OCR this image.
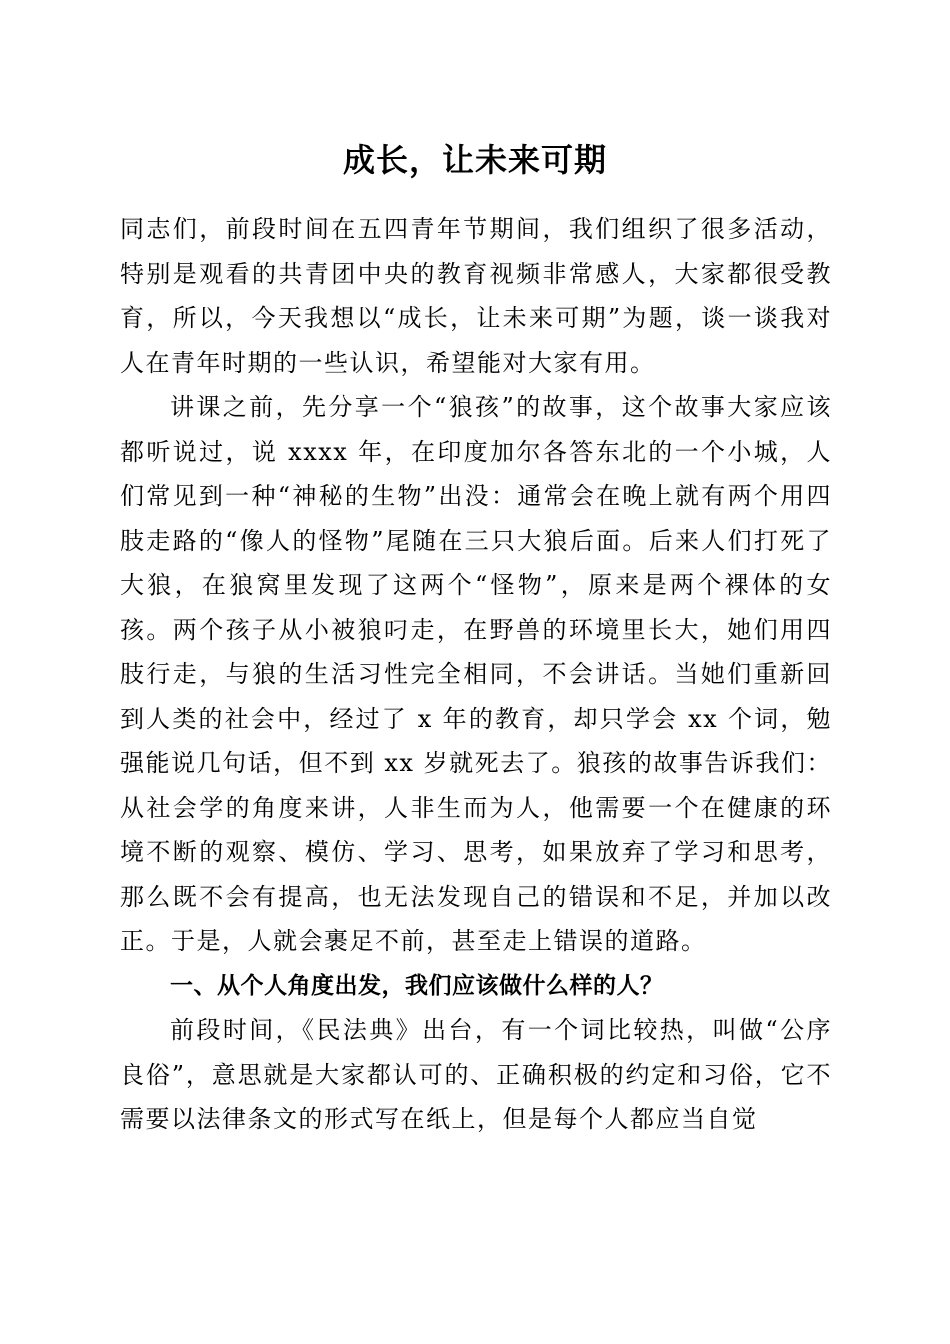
成长，让未来可期

同志们，前段时间在五四青年节期间，我们组织了很多活动，特别是观看的共青团中央的教育视频非常感人，大家都很受教育，所以，今天我想以“成长，让未来可期”为题，谈一谈我对人在青年时期的一些认识，希望能对大家有用。

讲课之前，先分享一个“狼孩”的故事，这个故事大家应该都听说过，说 xxxx 年，在印度加尔各答东北的一个小城，人们常见到一种“神秘的生物”出没：通常会在晚上就有两个用四肢走路的“像人的怪物”尾随在三只大狼后面。后来人们打死了大狼，在狼窝里发现了这两个“怪物”，原来是两个裸体的女孩。两个孩子从小被狼叼走，在野兽的环境里长大，她们用四肢行走，与狼的生活习性完全相同，不会讲话。当她们重新回到人类的社会中，经过了 x 年的教育，却只学会 xx 个词，勉强能说几句话，但不到 xx 岁就死去了。狼孩的故事告诉我们：从社会学的角度来讲，人非生而为人，他需要一个在健康的环境不断的观察、模仿、学习、思考，如果放弃了学习和思考，那么既不会有提高，也无法发现自己的错误和不足，并加以改正。于是，人就会裹足不前，甚至走上错误的道路。

一、从个人角度出发，我们应该做什么样的人？

前段时间，《民法典》出台，有一个词比较热，叫做“公序良俗”，意思就是大家都认可的、正确积极的约定和习俗，它不需要以法律条文的形式写在纸上，但是每个人都应当自觉
